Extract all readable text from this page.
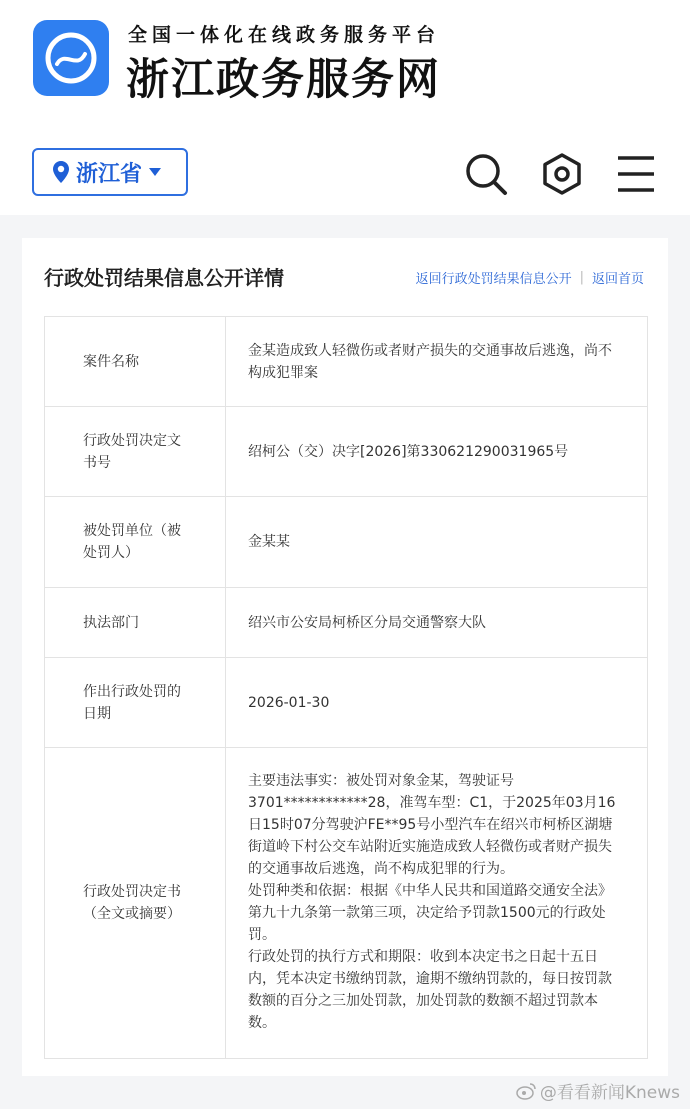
全国一体化在线政务服务平台
浙江政务服务网
浙江省
行政处罚结果信息公开详情	返回行政处罚结果信息公开 | 返回首页
案件名称
金某造成致人轻微伤或者财产损失的交通事故后逃逸，尚不构成犯罪案
行政处罚决定文书号
绍柯公（交）决字[2026]第330621290031965号
被处罚单位（被处罚人）
金某某
执法部门	绍兴市公安局柯桥区分局交通警察大队
作出行政处罚的日期
2026-01-30
行政处罚决定书（全文或摘要）
主要违法事实：被处罚对象金某，驾驶证号3701************28，准驾车型：C1，于2025年03月16日15时07分驾驶沪FE**95号小型汽车在绍兴市柯桥区湖塘街道岭下村公交车站附近实施造成致人轻微伤或者财产损失的交通事故后逃逸，尚不构成犯罪的行为。
处罚种类和依据：根据《中华人民共和国道路交通安全法》第九十九条第一款第三项，决定给予罚款1500元的行政处罚。
行政处罚的执行方式和期限：收到本决定书之日起十五日内，凭本决定书缴纳罚款，逾期不缴纳罚款的，每日按罚款数额的百分之三加处罚款，加处罚款的数额不超过罚款本数。
@看看新闻Knews
